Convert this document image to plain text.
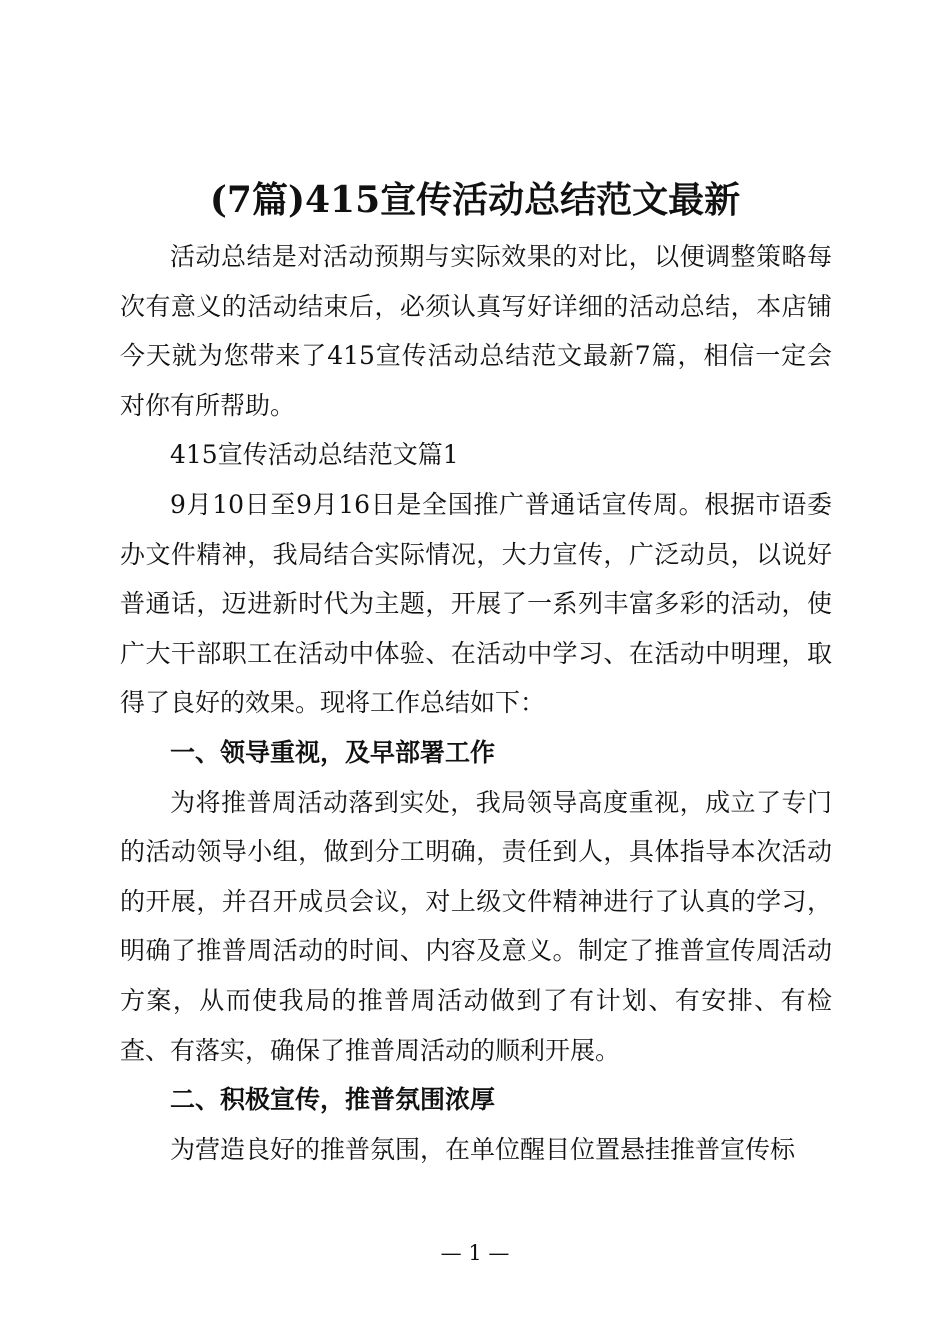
(7篇)415宣传活动总结范文最新

活动总结是对活动预期与实际效果的对比，以便调整策略每次有意义的活动结束后，必须认真写好详细的活动总结，本店铺今天就为您带来了415宣传活动总结范文最新7篇，相信一定会对你有所帮助。

415宣传活动总结范文篇1

9月10日至9月16日是全国推广普通话宣传周。根据市语委办文件精神，我局结合实际情况，大力宣传，广泛动员，以说好普通话，迈进新时代为主题，开展了一系列丰富多彩的活动，使广大干部职工在活动中体验、在活动中学习、在活动中明理，取得了良好的效果。现将工作总结如下：

一、领导重视，及早部署工作

为将推普周活动落到实处，我局领导高度重视，成立了专门的活动领导小组，做到分工明确，责任到人，具体指导本次活动的开展，并召开成员会议，对上级文件精神进行了认真的学习，明确了推普周活动的时间、内容及意义。制定了推普宣传周活动方案，从而使我局的推普周活动做到了有计划、有安排、有检查、有落实，确保了推普周活动的顺利开展。

二、积极宣传，推普氛围浓厚

为营造良好的推普氛围，在单位醒目位置悬挂推普宣传标

— 1 —
